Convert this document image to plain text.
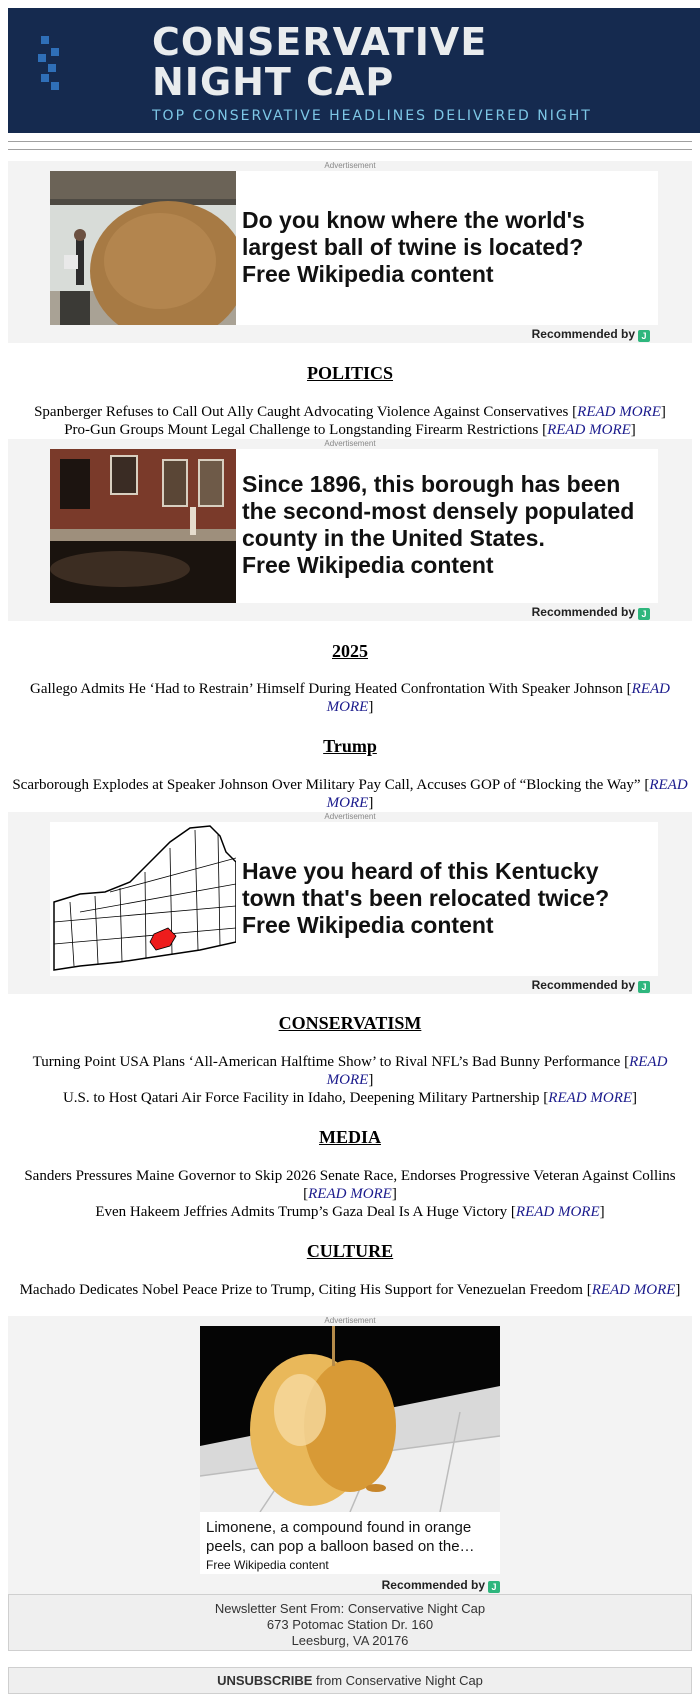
CONSERVATIVE
NIGHT CAP
TOP CONSERVATIVE HEADLINES DELIVERED NIGHT
Advertisement
Do you know where the world's largest ball of twine is located?
Free Wikipedia content
Recommended by J
POLITICS
Spanberger Refuses to Call Out Ally Caught Advocating Violence Against Conservatives [READ MORE]
Pro-Gun Groups Mount Legal Challenge to Longstanding Firearm Restrictions [READ MORE]
Advertisement
Since 1896, this borough has been the second-most densely populated county in the United States.
Free Wikipedia content
Recommended by J
2025
Gallego Admits He ‘Had to Restrain’ Himself During Heated Confrontation With Speaker Johnson [READ MORE]
Trump
Scarborough Explodes at Speaker Johnson Over Military Pay Call, Accuses GOP of “Blocking the Way” [READ MORE]
Advertisement
Have you heard of this Kentucky town that's been relocated twice?
Free Wikipedia content
Recommended by J
CONSERVATISM
Turning Point USA Plans ‘All-American Halftime Show’ to Rival NFL’s Bad Bunny Performance [READ MORE]
U.S. to Host Qatari Air Force Facility in Idaho, Deepening Military Partnership [READ MORE]
MEDIA
Sanders Pressures Maine Governor to Skip 2026 Senate Race, Endorses Progressive Veteran Against Collins [READ MORE]
Even Hakeem Jeffries Admits Trump’s Gaza Deal Is A Huge Victory [READ MORE]
CULTURE
Machado Dedicates Nobel Peace Prize to Trump, Citing His Support for Venezuelan Freedom [READ MORE]
Advertisement
Limonene, a compound found in orange peels, can pop a balloon based on the…
Free Wikipedia content
Recommended by J
Newsletter Sent From: Conservative Night Cap
673 Potomac Station Dr. 160
Leesburg, VA 20176
UNSUBSCRIBE from Conservative Night Cap
